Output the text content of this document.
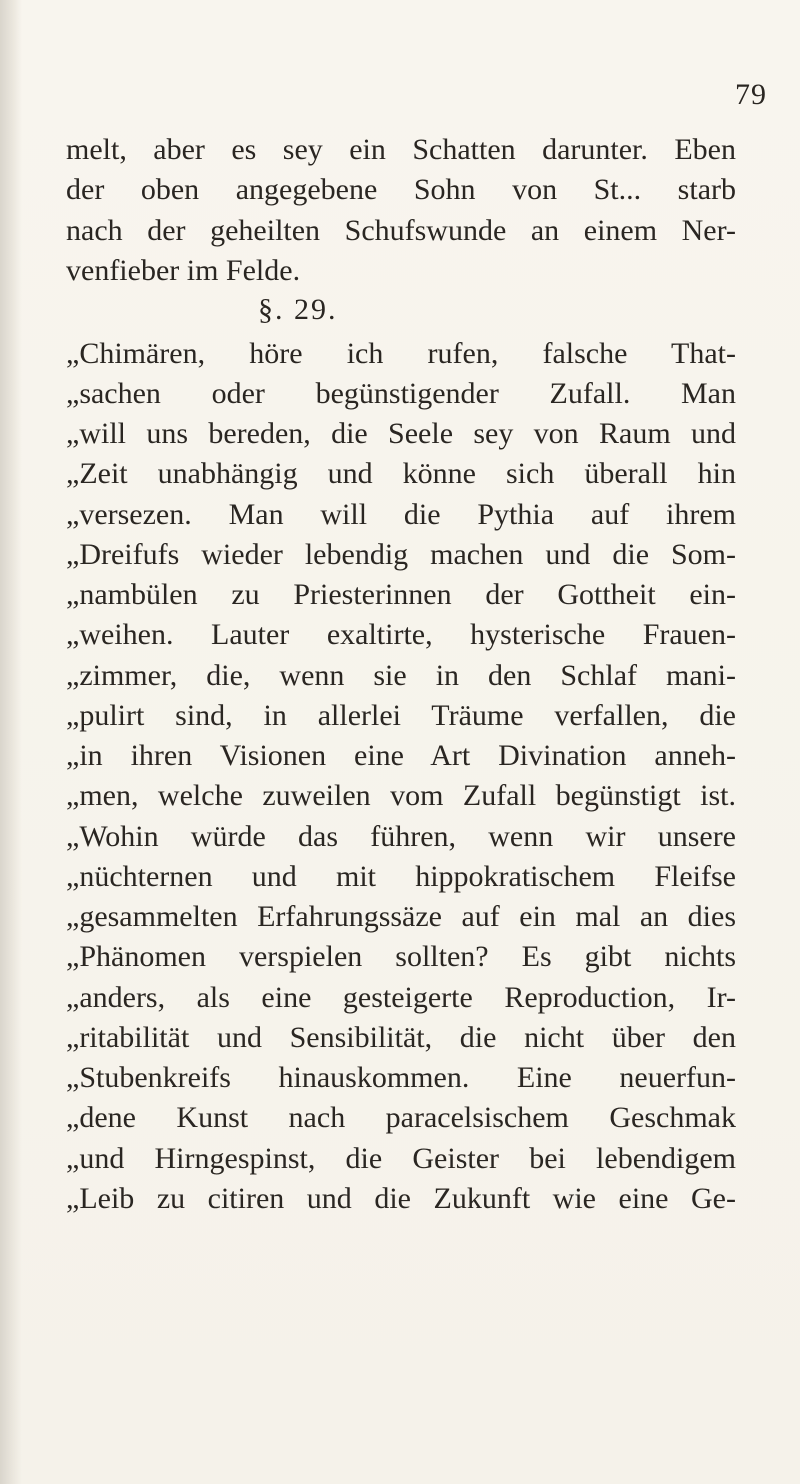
79
melt, aber es sey ein Schatten darunter. Eben
der oben angegebene Sohn von St... starb
nach der geheilten Schufswunde an einem Ner-
venfieber im Felde.
§. 29.
„Chimären, höre ich rufen, falsche That-
„sachen oder begünstigender Zufall. Man
„will uns bereden, die Seele sey von Raum und
„Zeit unabhängig und könne sich überall hin
„versezen. Man will die Pythia auf ihrem
„Dreifufs wieder lebendig machen und die Som-
„nambülen zu Priesterinnen der Gottheit ein-
„weihen. Lauter exaltirte, hysterische Frauen-
„zimmer, die, wenn sie in den Schlaf mani-
„pulirt sind, in allerlei Träume verfallen, die
„in ihren Visionen eine Art Divination anneh-
„men, welche zuweilen vom Zufall begünstigt ist.
„Wohin würde das führen, wenn wir unsere
„nüchternen und mit hippokratischem Fleifse
„gesammelten Erfahrungssäze auf ein mal an dies
„Phänomen verspielen sollten? Es gibt nichts
„anders, als eine gesteigerte Reproduction, Ir-
„ritabilität und Sensibilität, die nicht über den
„Stubenkreifs hinauskommen. Eine neuerfun-
„dene Kunst nach paracelsischem Geschmak
„und Hirngespinst, die Geister bei lebendigem
„Leib zu citiren und die Zukunft wie eine Ge-
